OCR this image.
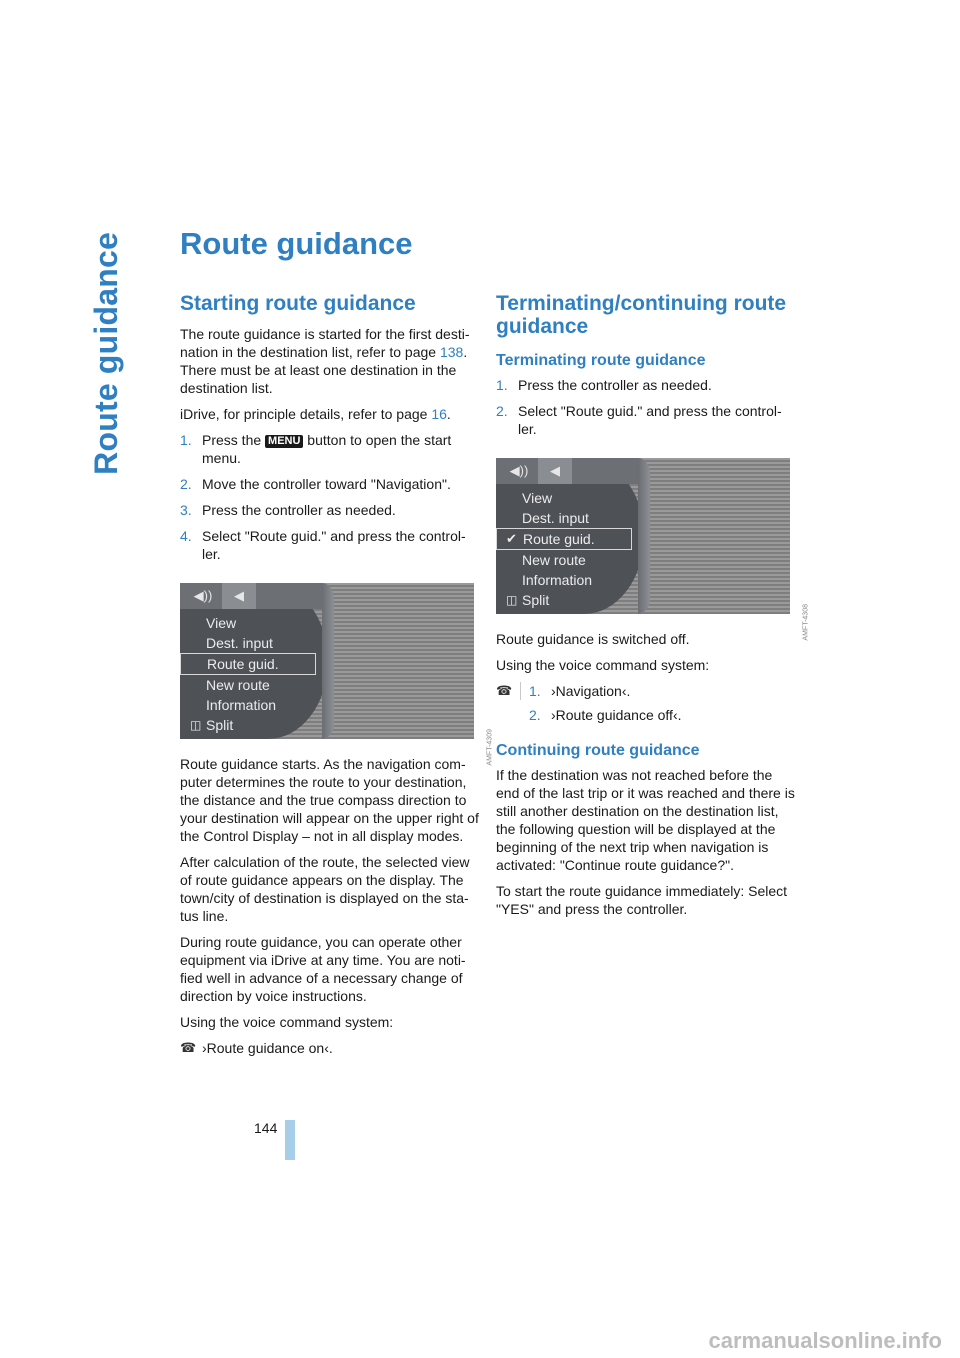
Route guidance Route guidance
Starting route guidance

The route guidance is started for the first desti-nation in the destination list, refer to page 138. There must be at least one destination in the destination list.

iDrive, for principle details, refer to page 16.

1. Press the MENU button to open the start menu.
2. Move the controller toward "Navigation".
3. Press the controller as needed.
4. Select "Route guid." and press the control-ler.
◀︎))	◀︎
View
Dest. input
Route guid.
New route
Information
◫ Split
AMFT-4309

Route guidance starts. As the navigation com-puter determines the route to your destination, the distance and the true compass direction to your destination will appear on the upper right of the Control Display – not in all display modes.

After calculation of the route, the selected view of route guidance appears on the display. The town/city of destination is displayed on the sta-tus line.

During route guidance, you can operate other equipment via iDrive at any time. You are noti-fied well in advance of a necessary change of direction by voice instructions.

Using the voice command system:

☎︎ ›Route guidance on‹.
Terminating/continuing route guidance
Terminating route guidance
1. Press the controller as needed.
2. Select "Route guid." and press the control-ler.
◀︎))	◀︎
View
Dest. input
✔ Route guid.
New route
Information
◫ Split
AMFT-4308

Route guidance is switched off.

Using the voice command system:

☎︎	1. ›Navigation‹.
2. ›Route guidance off‹.
Continuing route guidance

If the destination was not reached before the end of the last trip or it was reached and there is still another destination on the destination list, the following question will be displayed at the beginning of the next trip when navigation is activated: "Continue route guidance?".

To start the route guidance immediately: Select "YES" and press the controller.

144
carmanualsonline.info
